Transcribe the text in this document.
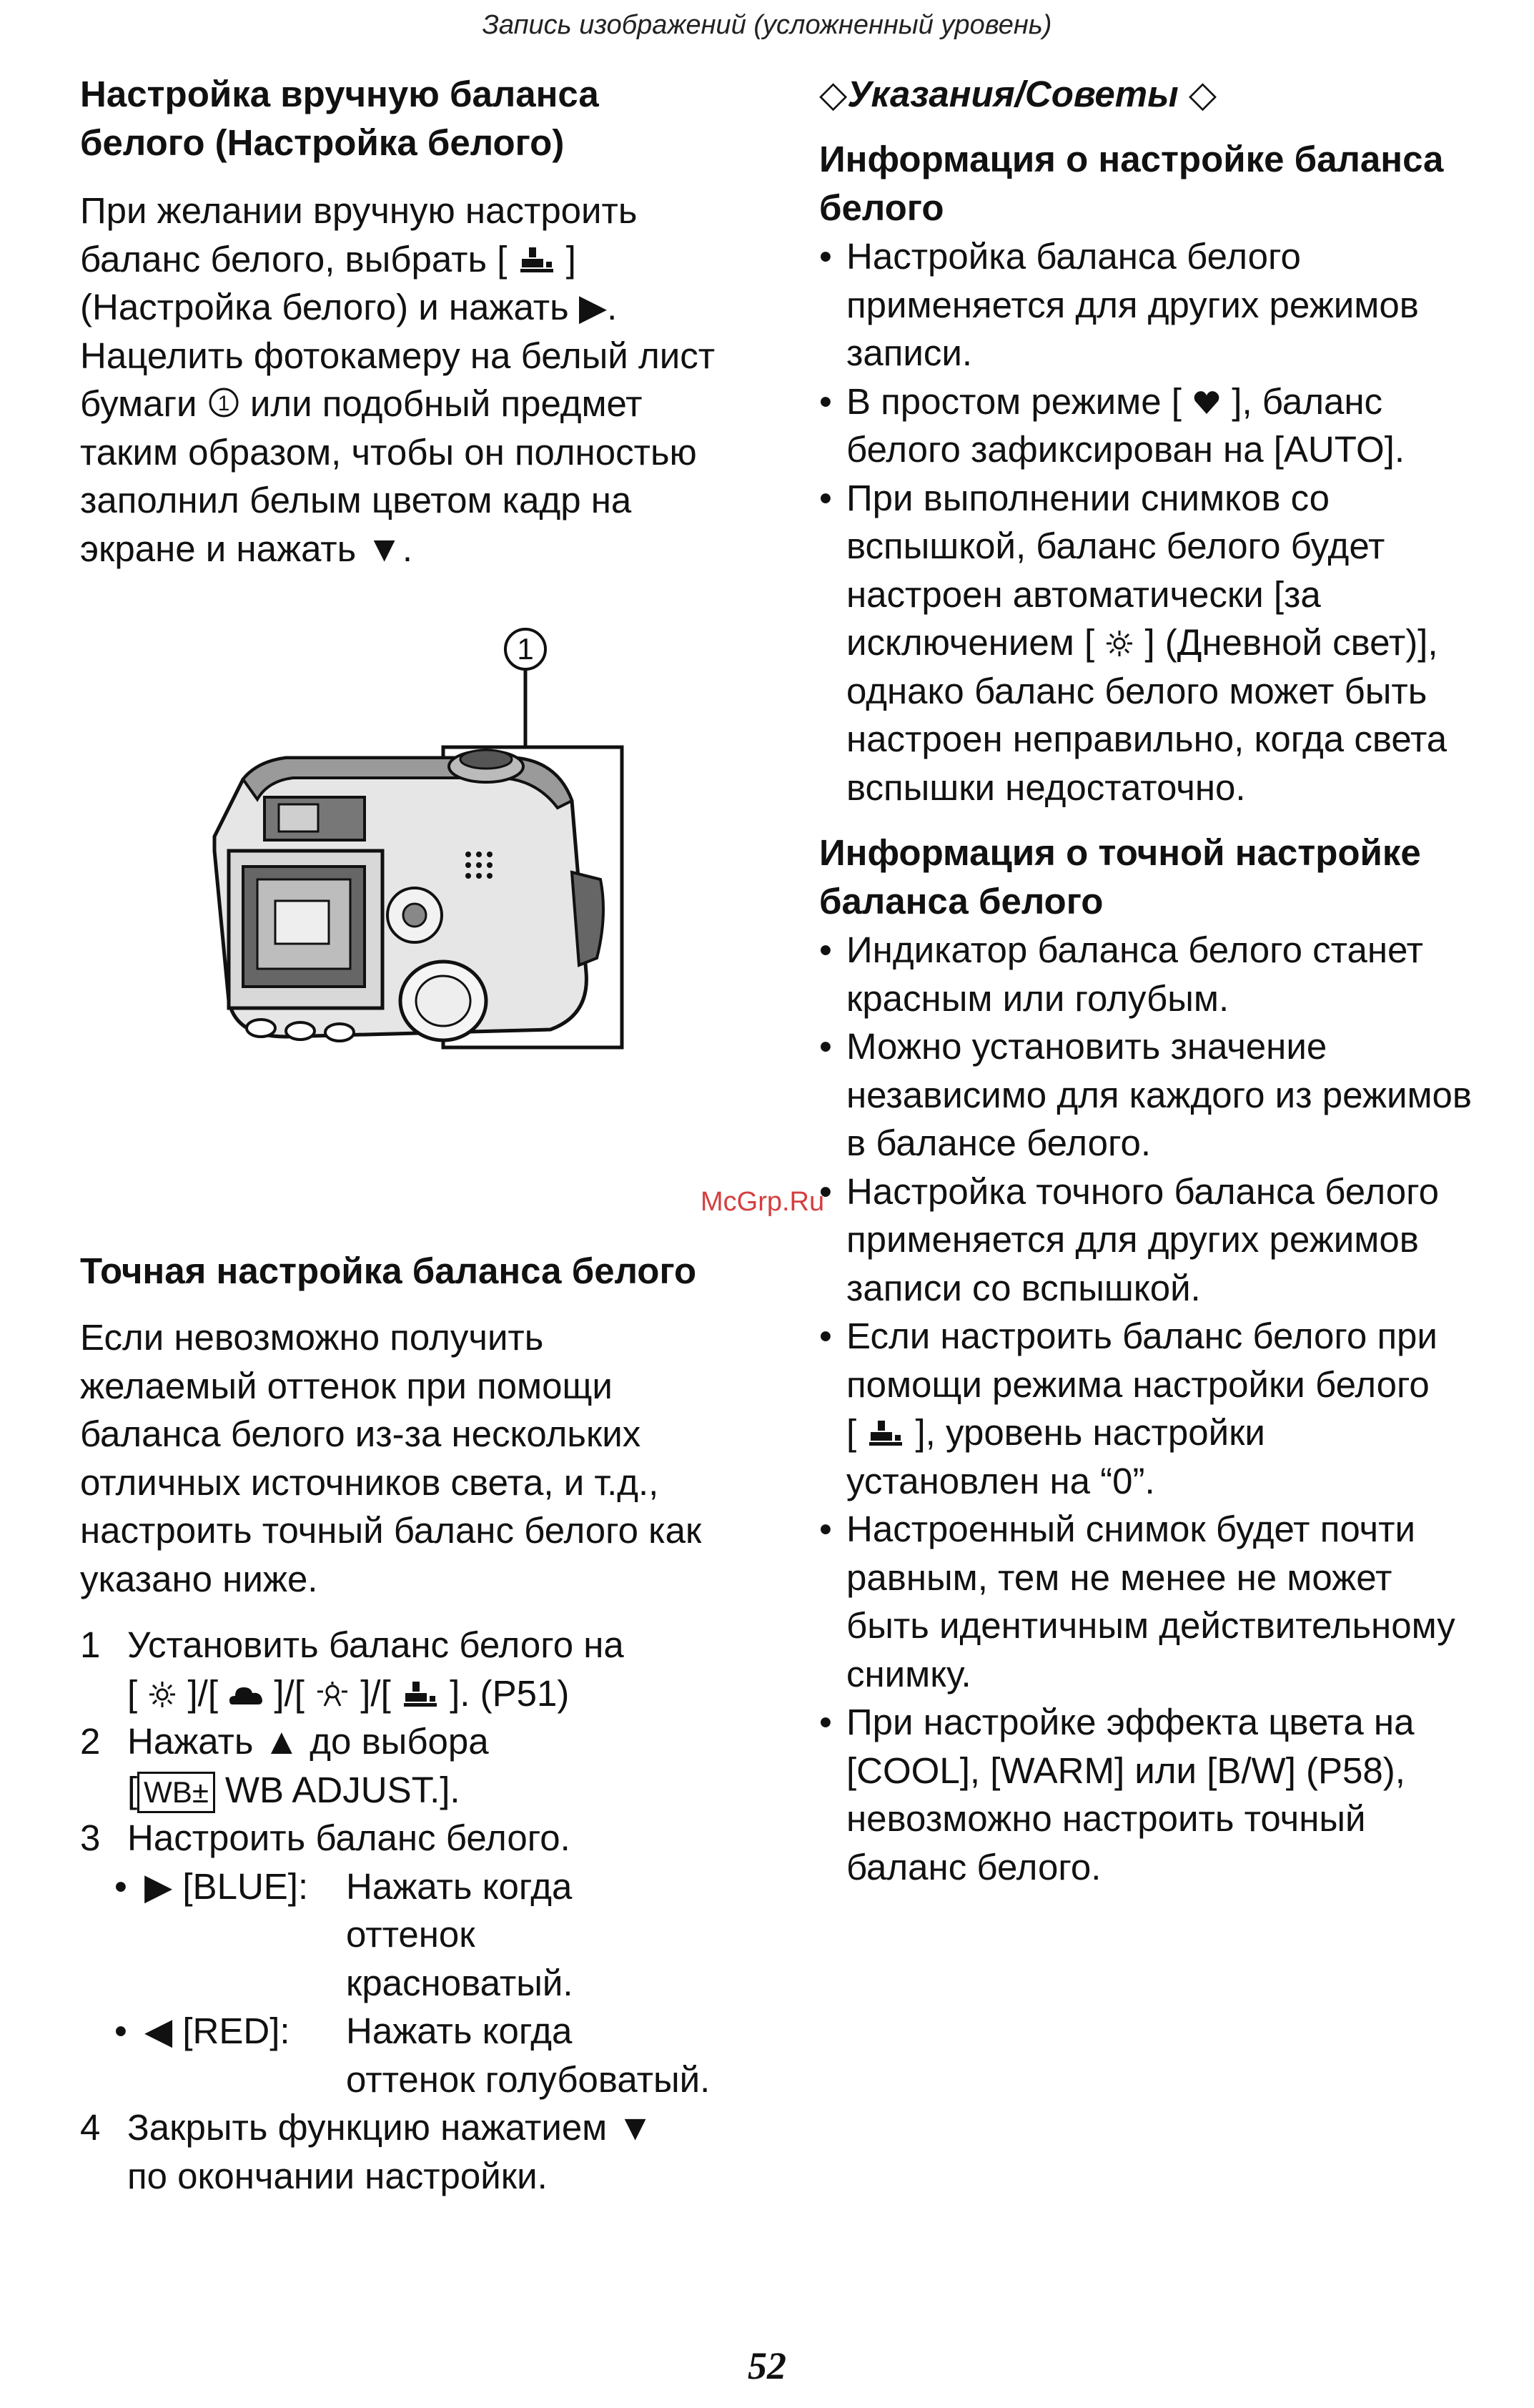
Запись изображений (усложненный уровень)
Настройка вручную баланса
белого (Настройка белого)
При желании вручную настроить
баланс белого, выбрать [ ]
(Настройка белого) и нажать ▶.
Нацелить фотокамеру на белый лист
бумаги 1 или подобный предмет
таким образом, чтобы он полностью
заполнил белым цветом кадр на
экране и нажать ▼.
1
McGrp.Ru
Точная настройка баланса белого
Если невозможно получить
желаемый оттенок при помощи
баланса белого из-за нескольких
отличных источников света, и т.д.,
настроить точный баланс белого как
указано ниже.
1 Установить баланс белого на
[ ]/[ ]/[ ]/[ ]. (P51)
2 Нажать ▲ до выбора
[ WB± WB ADJUST.].
3 Настроить баланс белого.
• ▶ [BLUE]: Нажать когда
оттенок
красноватый.
• ◀ [RED]: Нажать когда
оттенок голубоватый.
4 Закрыть функцию нажатием ▼
по окончании настройки.
◇Указания/Советы ◇
Информация о настройке баланса
белого
• Настройка баланса белого
применяется для других режимов
записи.
• В простом режиме [ ], баланс
белого зафиксирован на [AUTO].
• При выполнении снимков со
вспышкой, баланс белого будет
настроен автоматически [за
исключением [ ] (Дневной свет)],
однако баланс белого может быть
настроен неправильно, когда света
вспышки недостаточно.
Информация о точной настройке
баланса белого
• Индикатор баланса белого станет
красным или голубым.
• Можно установить значение
независимо для каждого из режимов
в балансе белого.
• Настройка точного баланса белого
применяется для других режимов
записи со вспышкой.
• Если настроить баланс белого при
помощи режима настройки белого
[ ], уровень настройки
установлен на “0”.
• Настроенный снимок будет почти
равным, тем не менее не может
быть идентичным действительному
снимку.
• При настройке эффекта цвета на
[COOL], [WARM] или [B/W] (P58),
невозможно настроить точный
баланс белого.
52
